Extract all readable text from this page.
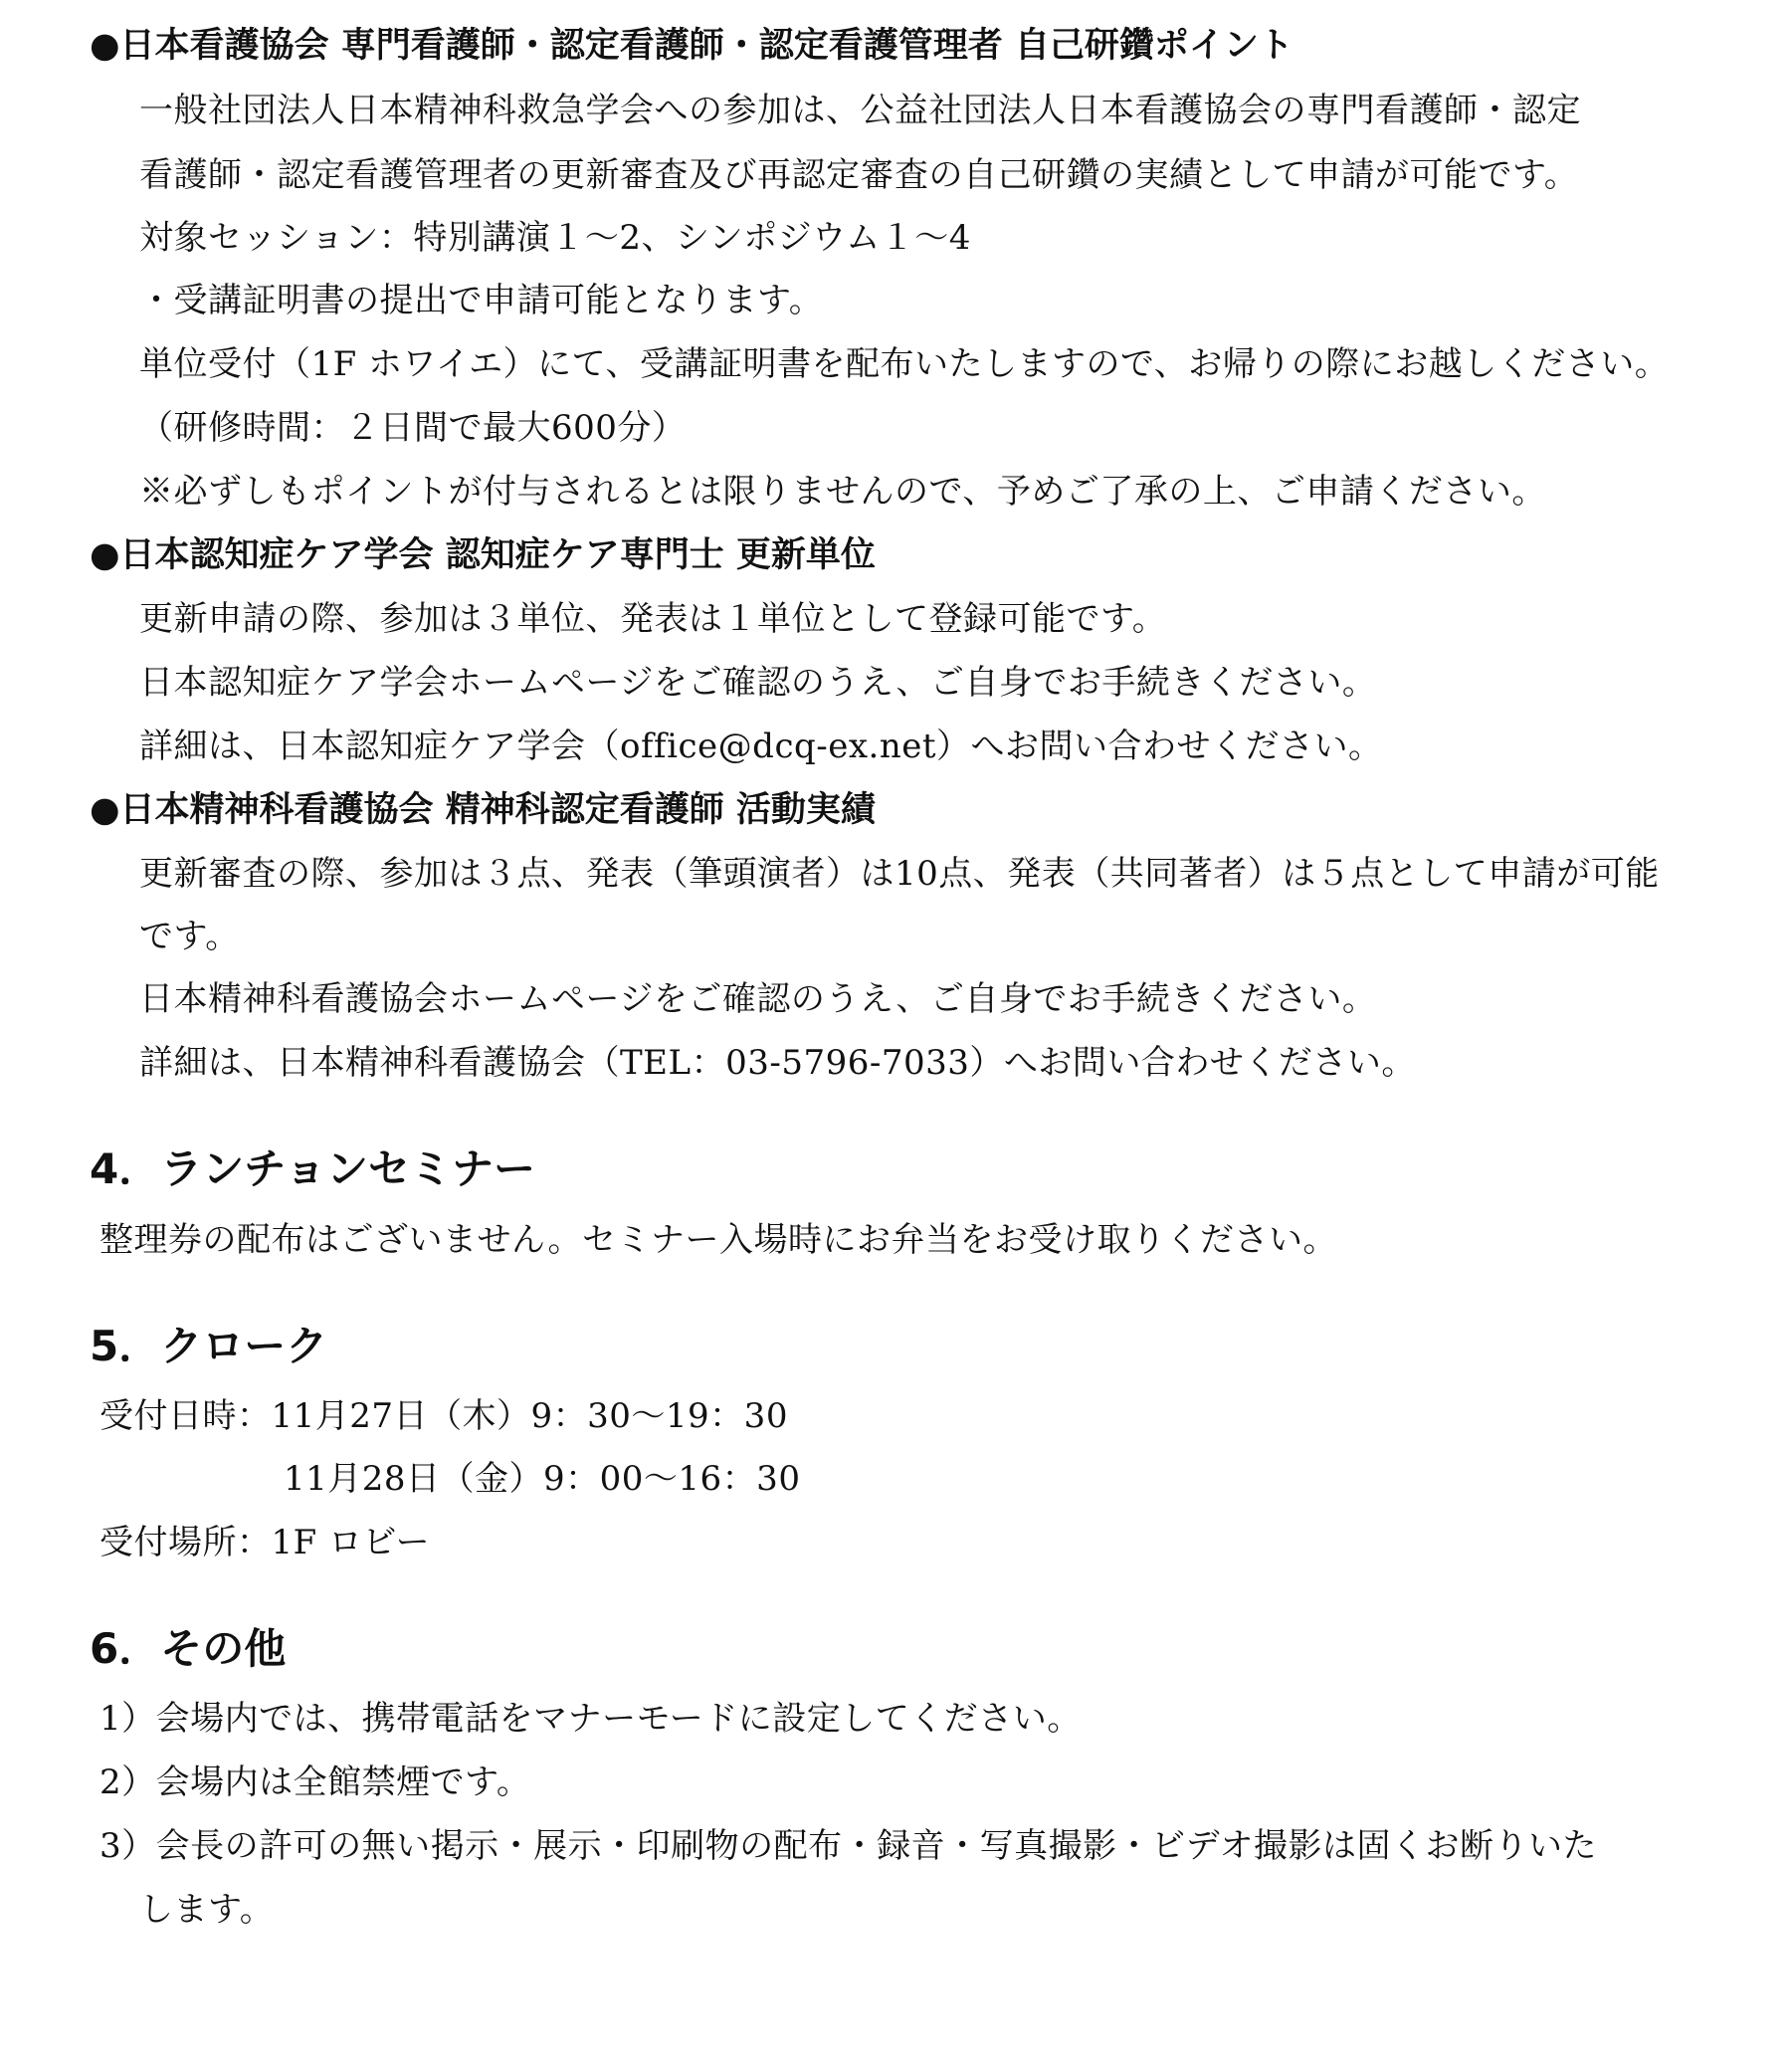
●日本看護協会 専門看護師・認定看護師・認定看護管理者 自己研鑽ポイント
一般社団法人日本精神科救急学会への参加は、公益社団法人日本看護協会の専門看護師・認定
看護師・認定看護管理者の更新審査及び再認定審査の自己研鑽の実績として申請が可能です。
対象セッション：特別講演１～2、シンポジウム１～4
・受講証明書の提出で申請可能となります。
単位受付（1F ホワイエ）にて、受講証明書を配布いたしますので、お帰りの際にお越しください。
（研修時間：２日間で最大600分）
※必ずしもポイントが付与されるとは限りませんので、予めご了承の上、ご申請ください。
●日本認知症ケア学会 認知症ケア専門士 更新単位
更新申請の際、参加は３単位、発表は１単位として登録可能です。
日本認知症ケア学会ホームページをご確認のうえ、ご自身でお手続きください。
詳細は、日本認知症ケア学会（office@dcq-ex.net）へお問い合わせください。
●日本精神科看護協会 精神科認定看護師 活動実績
更新審査の際、参加は３点、発表（筆頭演者）は10点、発表（共同著者）は５点として申請が可能
です。
日本精神科看護協会ホームページをご確認のうえ、ご自身でお手続きください。
詳細は、日本精神科看護協会（TEL：03-5796-7033）へお問い合わせください。
4．ランチョンセミナー
整理券の配布はございません。セミナー入場時にお弁当をお受け取りください。
5．クローク
受付日時：11月27日（木）9：30～19：30
11月28日（金）9：00～16：30
受付場所：1F ロビー
6．その他
1）会場内では、携帯電話をマナーモードに設定してください。
2）会場内は全館禁煙です。
3）会長の許可の無い掲示・展示・印刷物の配布・録音・写真撮影・ビデオ撮影は固くお断りいた
します。
